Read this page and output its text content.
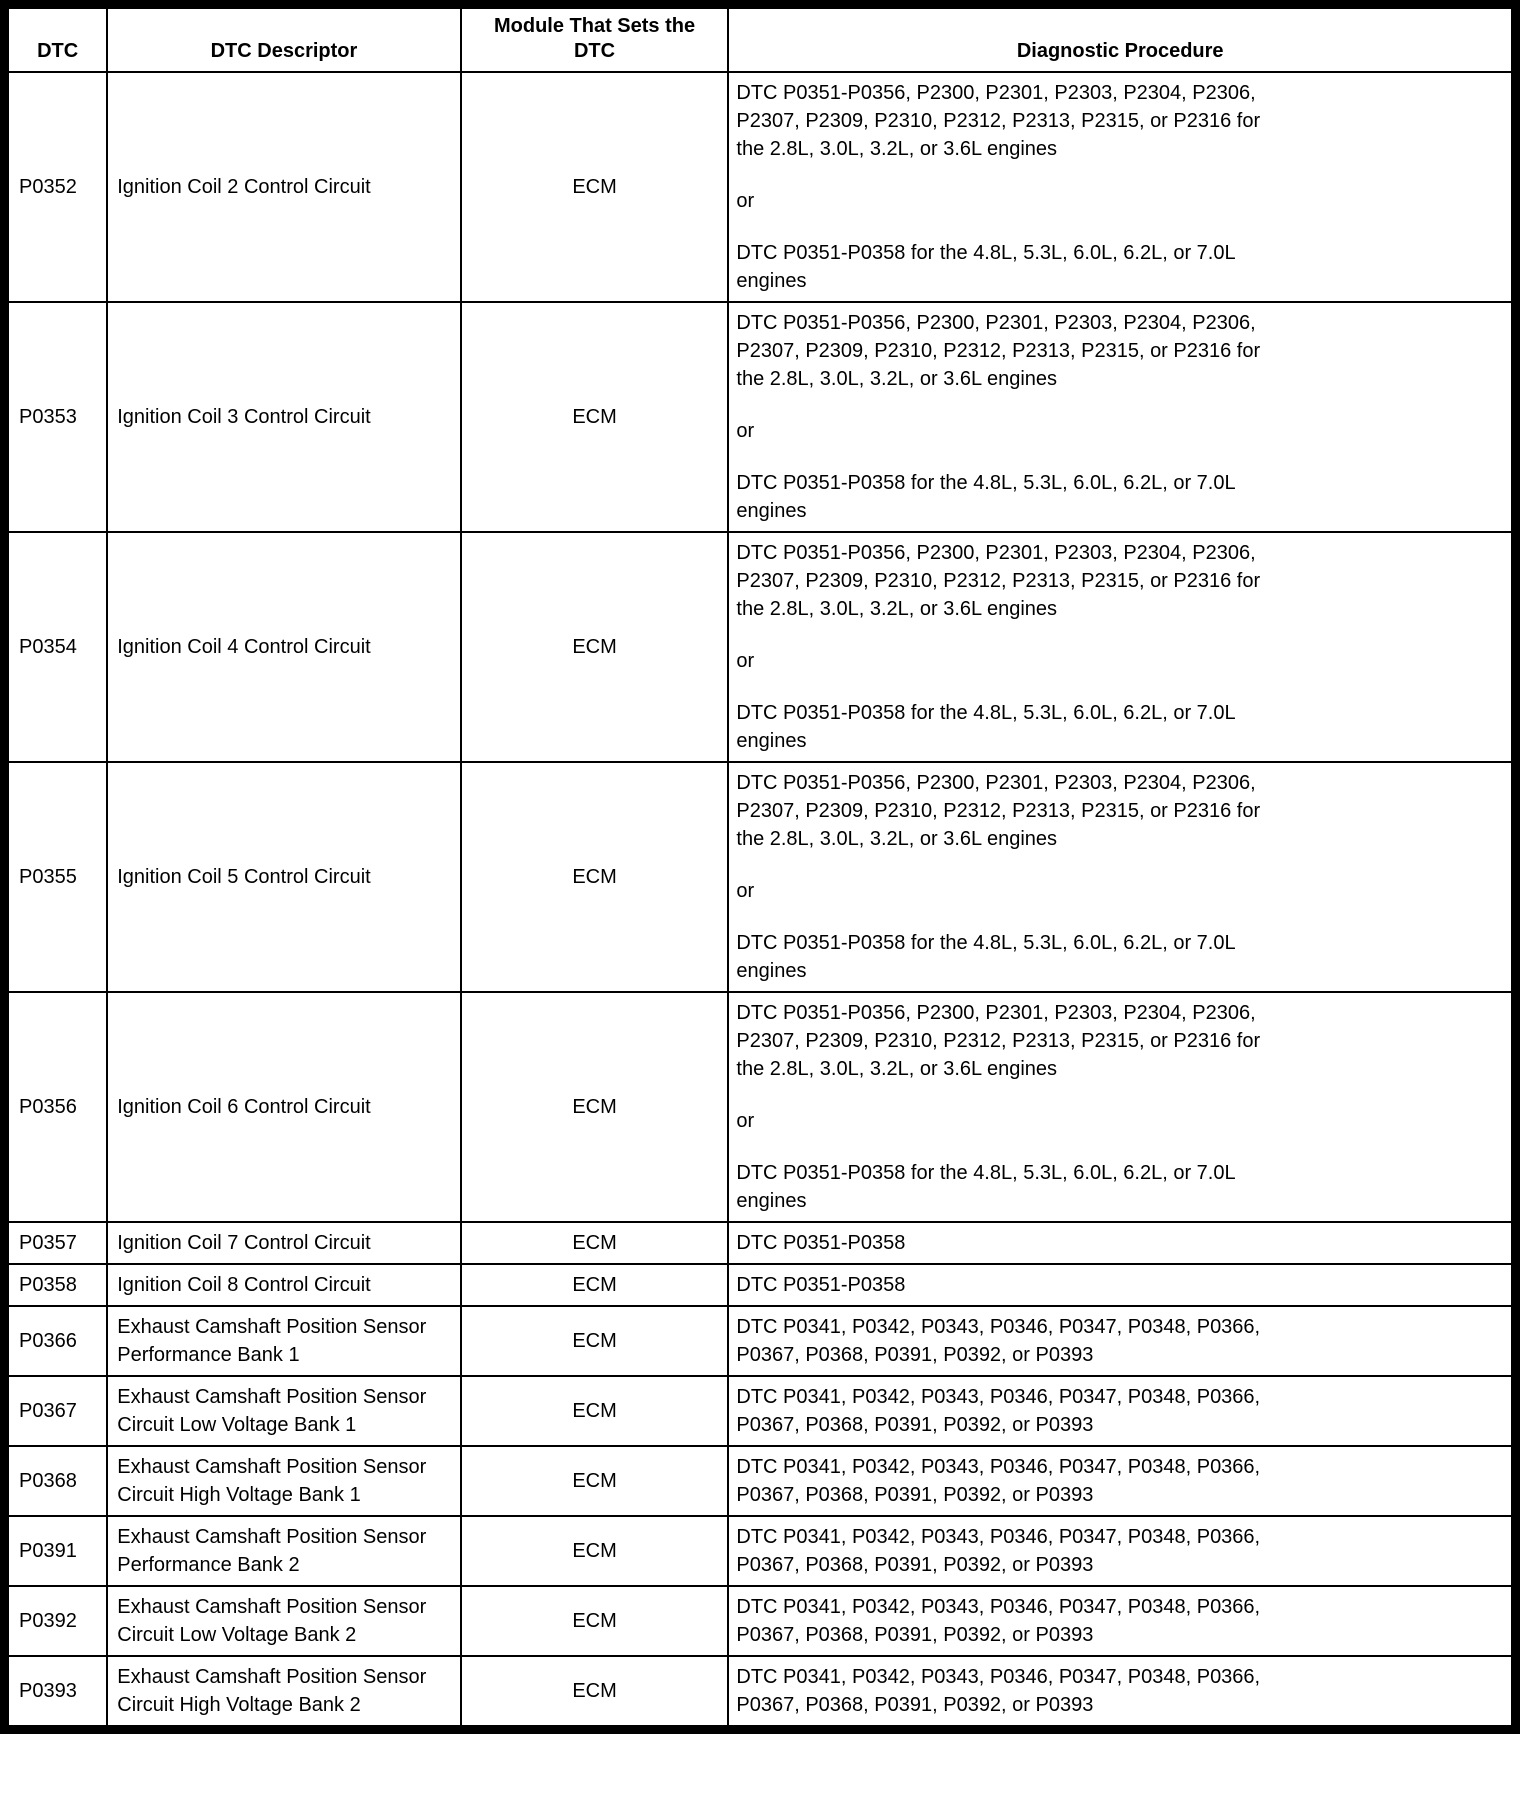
DTC	DTC Descriptor	Module That Sets the DTC	Diagnostic Procedure
P0352	Ignition Coil 2 Control Circuit	ECM	DTC P0351-P0356, P2300, P2301, P2303, P2304, P2306, P2307, P2309, P2310, P2312, P2313, P2315, or P2316 for the 2.8L, 3.0L, 3.2L, or 3.6L engines
or
DTC P0351-P0358 for the 4.8L, 5.3L, 6.0L, 6.2L, or 7.0L engines

P0353	Ignition Coil 3 Control Circuit	ECM	DTC P0351-P0356, P2300, P2301, P2303, P2304, P2306, P2307, P2309, P2310, P2312, P2313, P2315, or P2316 for the 2.8L, 3.0L, 3.2L, or 3.6L engines
or
DTC P0351-P0358 for the 4.8L, 5.3L, 6.0L, 6.2L, or 7.0L engines

P0354	Ignition Coil 4 Control Circuit	ECM	DTC P0351-P0356, P2300, P2301, P2303, P2304, P2306, P2307, P2309, P2310, P2312, P2313, P2315, or P2316 for the 2.8L, 3.0L, 3.2L, or 3.6L engines
or
DTC P0351-P0358 for the 4.8L, 5.3L, 6.0L, 6.2L, or 7.0L engines

P0355	Ignition Coil 5 Control Circuit	ECM	DTC P0351-P0356, P2300, P2301, P2303, P2304, P2306, P2307, P2309, P2310, P2312, P2313, P2315, or P2316 for the 2.8L, 3.0L, 3.2L, or 3.6L engines
or
DTC P0351-P0358 for the 4.8L, 5.3L, 6.0L, 6.2L, or 7.0L engines

P0356	Ignition Coil 6 Control Circuit	ECM	DTC P0351-P0356, P2300, P2301, P2303, P2304, P2306, P2307, P2309, P2310, P2312, P2313, P2315, or P2316 for the 2.8L, 3.0L, 3.2L, or 3.6L engines
or
DTC P0351-P0358 for the 4.8L, 5.3L, 6.0L, 6.2L, or 7.0L engines

P0357	Ignition Coil 7 Control Circuit	ECM	DTC P0351-P0358

P0358	Ignition Coil 8 Control Circuit	ECM	DTC P0351-P0358

P0366	Exhaust Camshaft Position Sensor Performance Bank 1	ECM	DTC P0341, P0342, P0343, P0346, P0347, P0348, P0366, P0367, P0368, P0391, P0392, or P0393

P0367	Exhaust Camshaft Position Sensor Circuit Low Voltage Bank 1	ECM	DTC P0341, P0342, P0343, P0346, P0347, P0348, P0366, P0367, P0368, P0391, P0392, or P0393

P0368	Exhaust Camshaft Position Sensor Circuit High Voltage Bank 1	ECM	DTC P0341, P0342, P0343, P0346, P0347, P0348, P0366, P0367, P0368, P0391, P0392, or P0393

P0391	Exhaust Camshaft Position Sensor Performance Bank 2	ECM	DTC P0341, P0342, P0343, P0346, P0347, P0348, P0366, P0367, P0368, P0391, P0392, or P0393

P0392	Exhaust Camshaft Position Sensor Circuit Low Voltage Bank 2	ECM	DTC P0341, P0342, P0343, P0346, P0347, P0348, P0366, P0367, P0368, P0391, P0392, or P0393

P0393	Exhaust Camshaft Position Sensor Circuit High Voltage Bank 2	ECM	DTC P0341, P0342, P0343, P0346, P0347, P0348, P0366, P0367, P0368, P0391, P0392, or P0393
